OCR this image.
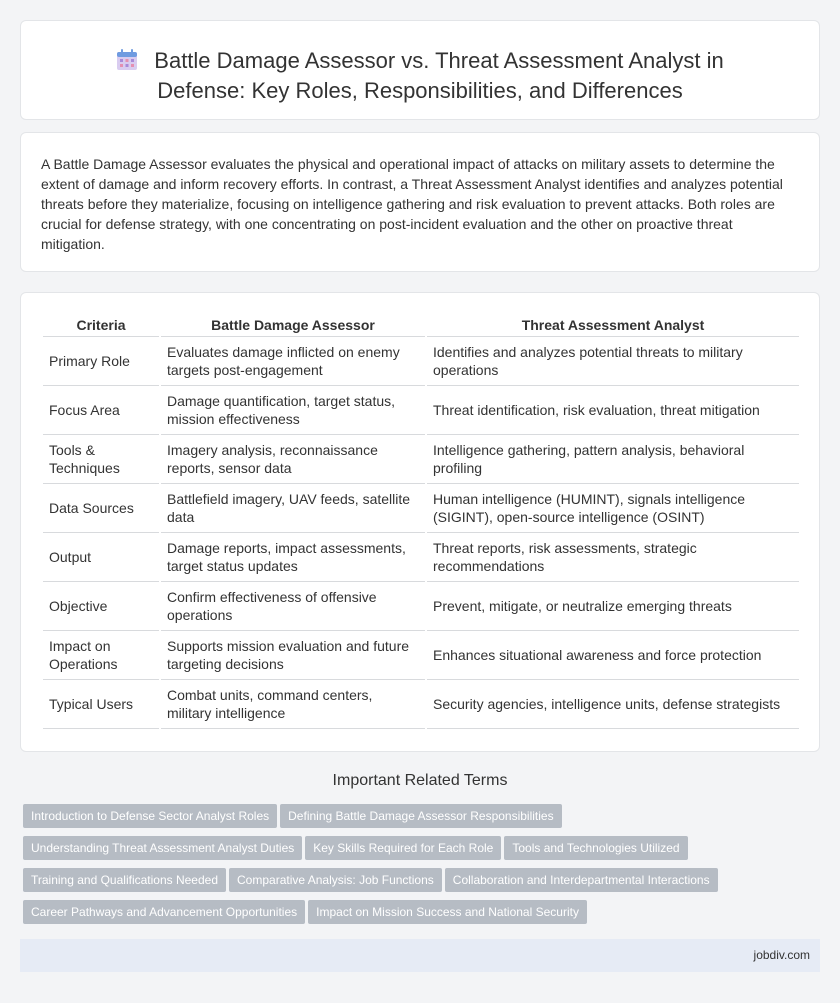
Battle Damage Assessor vs. Threat Assessment Analyst in
Defense: Key Roles, Responsibilities, and Differences

A Battle Damage Assessor evaluates the physical and operational impact of attacks on military assets to determine the extent of damage and inform recovery efforts. In contrast, a Threat Assessment Analyst identifies and analyzes potential threats before they materialize, focusing on intelligence gathering and risk evaluation to prevent attacks. Both roles are crucial for defense strategy, with one concentrating on post-incident evaluation and the other on proactive threat mitigation.

Criteria	Battle Damage Assessor	Threat Assessment Analyst
Primary Role	Evaluates damage inflicted on enemy targets post-engagement	Identifies and analyzes potential threats to military operations
Focus Area	Damage quantification, target status, mission effectiveness	Threat identification, risk evaluation, threat mitigation
Tools & Techniques	Imagery analysis, reconnaissance reports, sensor data	Intelligence gathering, pattern analysis, behavioral profiling
Data Sources	Battlefield imagery, UAV feeds, satellite data	Human intelligence (HUMINT), signals intelligence (SIGINT), open-source intelligence (OSINT)
Output	Damage reports, impact assessments, target status updates	Threat reports, risk assessments, strategic recommendations
Objective	Confirm effectiveness of offensive operations	Prevent, mitigate, or neutralize emerging threats
Impact on Operations	Supports mission evaluation and future targeting decisions	Enhances situational awareness and force protection
Typical Users	Combat units, command centers, military intelligence	Security agencies, intelligence units, defense strategists
Important Related Terms
Introduction to Defense Sector Analyst Roles Defining Battle Damage Assessor Responsibilities
Understanding Threat Assessment Analyst Duties Key Skills Required for Each Role Tools and Technologies Utilized
Training and Qualifications Needed Comparative Analysis: Job Functions Collaboration and Interdepartmental Interactions
Career Pathways and Advancement Opportunities Impact on Mission Success and National Security
jobdiv.com
